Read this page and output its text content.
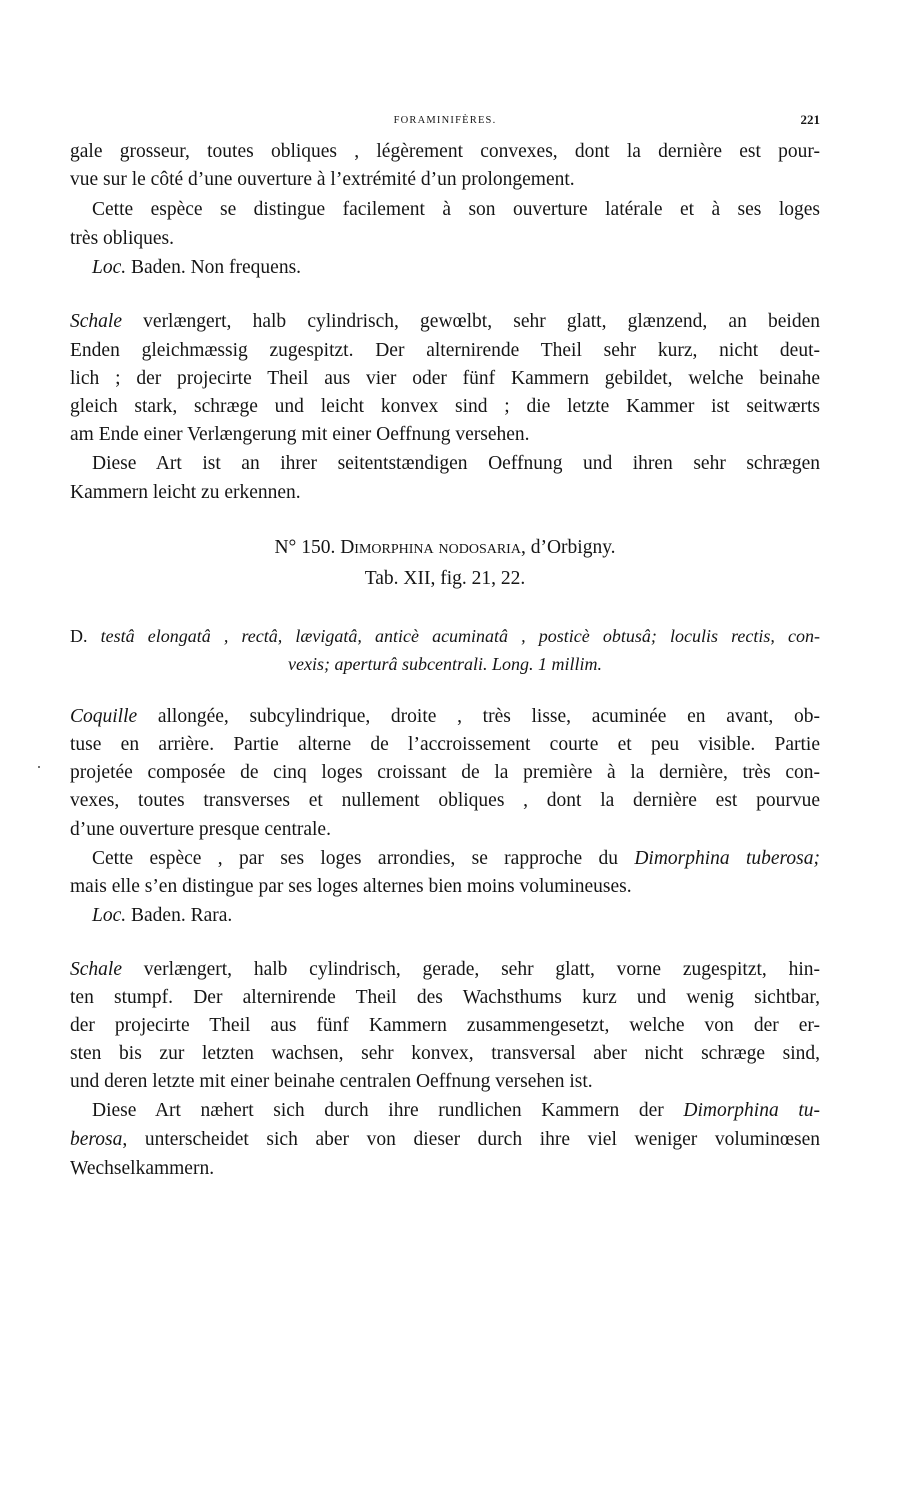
FORAMINIFÈRES.	221
gale grosseur, toutes obliques , légèrement convexes, dont la dernière est pour-
vue sur le côté d’une ouverture à l’extrémité d’un prolongement.
Cette espèce se distingue facilement à son ouverture latérale et à ses loges
très obliques.
Loc. Baden. Non frequens.
Schale verlængert, halb cylindrisch, gewœlbt, sehr glatt, glænzend, an beiden
Enden gleichmæssig zugespitzt. Der alternirende Theil sehr kurz, nicht deut-
lich ; der projecirte Theil aus vier oder fünf Kammern gebildet, welche beinahe
gleich stark, schrægе und leicht konvex sind ; die letzte Kammer ist seitwærts
am Ende einer Verlængerung mit einer Oeffnung versehen.
Diese Art ist an ihrer seitentstændigen Oeffnung und ihren sehr schrægen
Kammern leicht zu erkennen.
N° 150. Dimorphina nodosaria, d’Orbigny.
Tab. XII, fig. 21, 22.
D. testâ elongatâ , rectâ, lævigatâ, anticè acuminatâ , posticè obtusâ; loculis rectis, con-
vexis; aperturâ subcentrali. Long. 1 millim.
Coquille allongée, subcylindrique, droite , très lisse, acuminée en avant, ob-
tuse en arrière. Partie alterne de l’accroissement courte et peu visible. Partie
projetée composée de cinq loges croissant de la première à la dernière, très con-
vexes, toutes transverses et nullement obliques , dont la dernière est pourvue
d’une ouverture presque centrale.
Cette espèce , par ses loges arrondies, se rapproche du Dimorphina tuberosa;
mais elle s’en distingue par ses loges alternes bien moins volumineuses.
Loc. Baden. Rara.
Schale verlængert, halb cylindrisch, gerade, sehr glatt, vorne zugespitzt, hin-
ten stumpf. Der alternirende Theil des Wachsthums kurz und wenig sichtbar,
der projecirte Theil aus fünf Kammern zusammengesetzt, welche von der er-
sten bis zur letzten wachsen, sehr konvex, transversal aber nicht schræge sind,
und deren letzte mit einer beinahe centralen Oeffnung versehen ist.
Diese Art næhert sich durch ihre rundlichen Kammern der Dimorphina tu-
berosa, unterscheidet sich aber von dieser durch ihre viel weniger voluminœsen
Wechselkammern.
